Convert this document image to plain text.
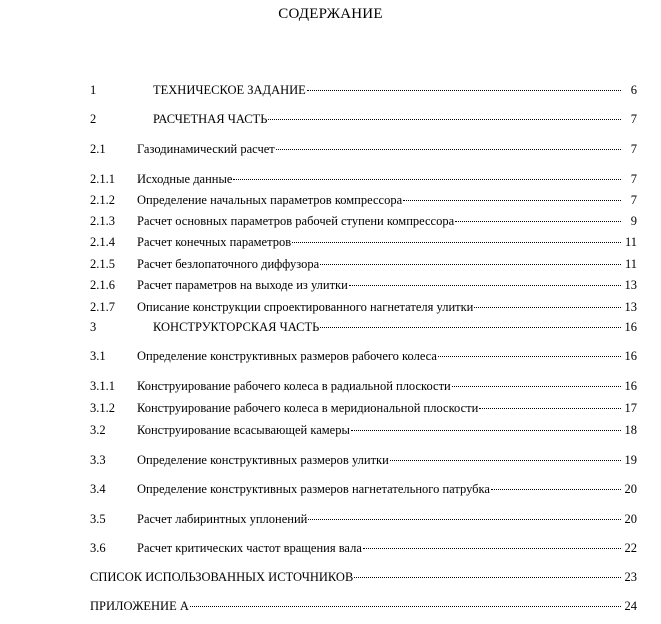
СОДЕРЖАНИЕ
1	ТЕХНИЧЕСКОЕ ЗАДАНИЕ	6
2	РАСЧЕТНАЯ ЧАСТЬ	7
2.1	Газодинамический расчет	7
2.1.1 Исходные данные	7
2.1.2 Определение начальных параметров компрессора	7
2.1.3 Расчет основных параметров рабочей ступени компрессора	9
2.1.4 Расчет конечных параметров	11
2.1.5 Расчет безлопаточного диффузора	11
2.1.6 Расчет параметров на выходе из улитки	13
2.1.7 Описание конструкции спроектированного нагнетателя улитки	13
3	КОНСТРУКТОРСКАЯ ЧАСТЬ	16
3.1	Определение конструктивных размеров рабочего колеса	16
3.1.1 Конструирование рабочего колеса в радиальной плоскости	16
3.1.2 Конструирование рабочего колеса в меридиональной плоскости	17
3.2	Конструирование всасывающей камеры	18
3.3	Определение конструктивных размеров улитки	19
3.4	Определение конструктивных размеров нагнетательного патрубка	20
3.5	Расчет лабиринтных уплонений	20
3.6	Расчет критических частот вращения вала	22
СПИСОК ИСПОЛЬЗОВАННЫХ ИСТОЧНИКОВ	23
ПРИЛОЖЕНИЕ А	24
